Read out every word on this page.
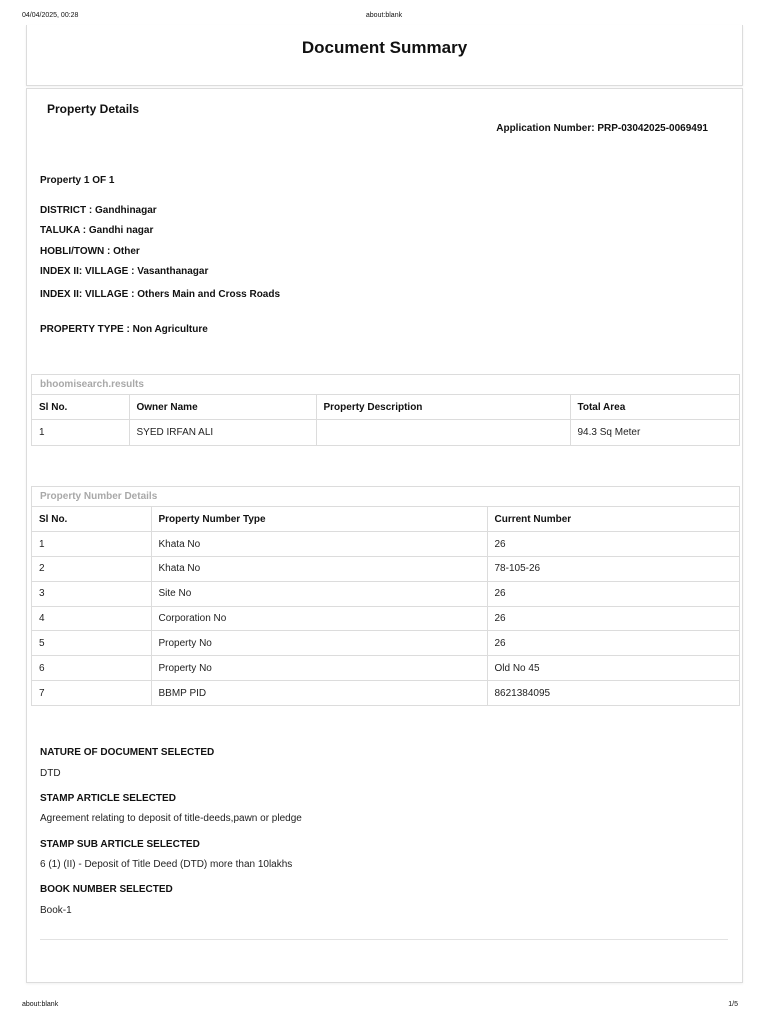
04/04/2025, 00:28	about:blank
Document Summary
Property Details
Application Number: PRP-03042025-0069491
Property 1 OF 1
DISTRICT : Gandhinagar
TALUKA : Gandhi nagar
HOBLI/TOWN : Other
INDEX II: VILLAGE : Vasanthanagar
INDEX II: VILLAGE : Others Main and Cross Roads
PROPERTY TYPE : Non Agriculture
bhoomisearch.results
Sl No.	Owner Name	Property Description	Total Area
1	SYED IRFAN ALI		94.3 Sq Meter
Property Number Details
Sl No.	Property Number Type	Current Number
1	Khata No	26
2	Khata No	78-105-26
3	Site No	26
4	Corporation No	26
5	Property No	26
6	Property No	Old No 45
7	BBMP PID	8621384095
NATURE OF DOCUMENT SELECTED
DTD
STAMP ARTICLE SELECTED
Agreement relating to deposit of title-deeds,pawn or pledge
STAMP SUB ARTICLE SELECTED
6 (1) (II) - Deposit of Title Deed (DTD) more than 10lakhs
BOOK NUMBER SELECTED
Book-1
about:blank	1/5
